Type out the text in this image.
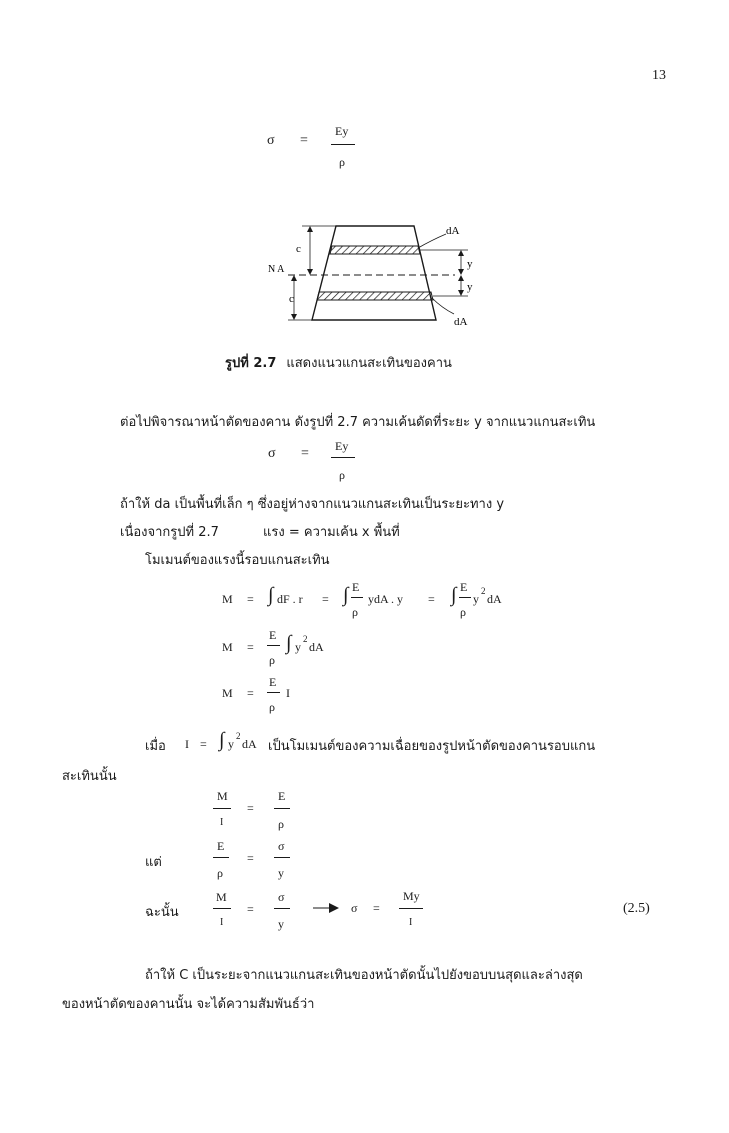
13
σ =
Ey
ρ
c
c
N A	y
y
dA
dA
รูปที่ 2.7 แสดงแนวแกนสะเทินของคาน
ต่อไปพิจารณาหน้าตัดของคาน ดังรูปที่ 2.7 ความเค้นดัดที่ระยะ y จากแนวแกนสะเทิน
σ = Ey
ρ
ถ้าให้ da เป็นพื้นที่เล็ก ๆ ซึ่งอยู่ห่างจากแนวแกนสะเทินเป็นระยะทาง y
เนื่องจากรูปที่ 2.7	แรง = ความเค้น x พื้นที่
โมเมนต์ของแรงนี้รอบแกนสะเทิน
M = ∫ dF . r = ∫ E
ρ
ydA . y = ∫ E
ρ
y
2
dA
M =
E
ρ
∫ y
2
dA
M =
E
ρ
I
เมื่อ I = ∫ y
2
dA เป็นโมเมนต์ของความเฉื่อยของรูปหน้าตัดของคานรอบแกน
สะเทินนั้น
M
I
=
E
ρ
แต่
E
ρ
=
σ
y
ฉะนั้น
M
I
=
σ
y
σ =
My
I
(2.5)
ถ้าให้ C เป็นระยะจากแนวแกนสะเทินของหน้าตัดนั้นไปยังขอบบนสุดและล่างสุด
ของหน้าตัดของคานนั้น จะได้ความสัมพันธ์ว่า
